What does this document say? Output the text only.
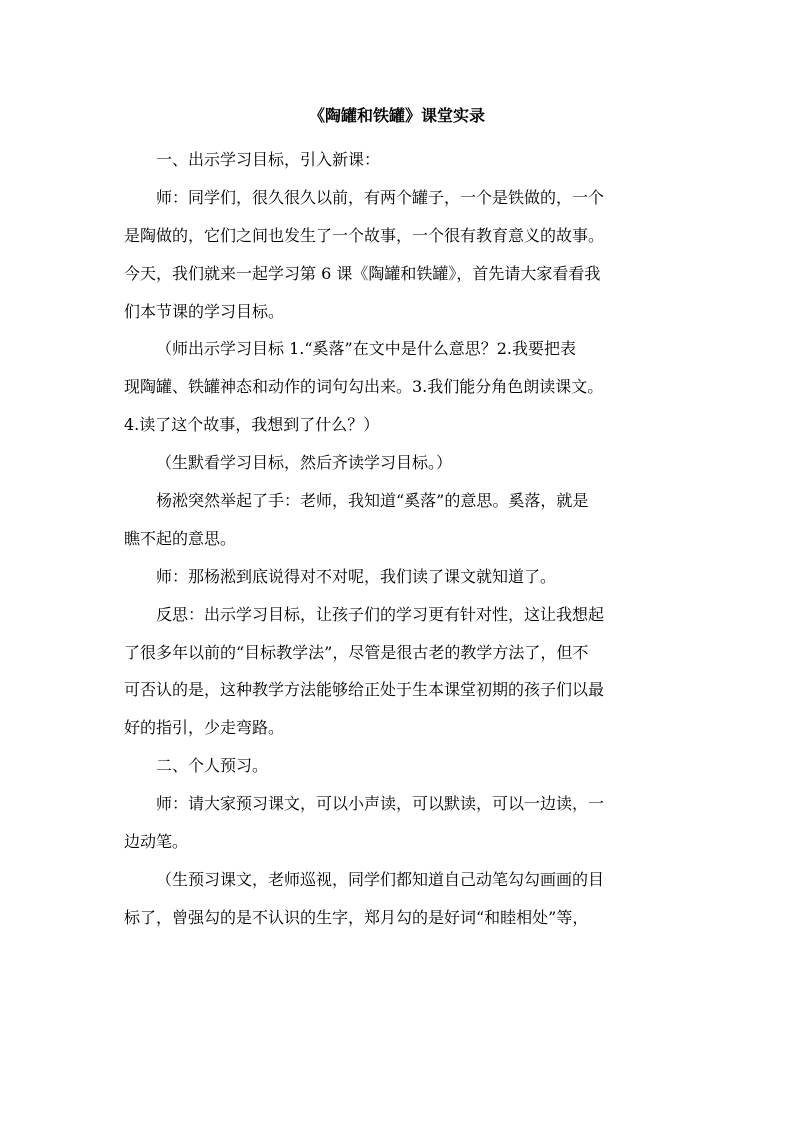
《陶罐和铁罐》课堂实录
一、出示学习目标，引入新课：
师：同学们，很久很久以前，有两个罐子，一个是铁做的，一个
是陶做的，它们之间也发生了一个故事，一个很有教育意义的故事。
今天，我们就来一起学习第 6 课《陶罐和铁罐》，首先请大家看看我
们本节课的学习目标。
（师出示学习目标 1.“奚落”在文中是什么意思？2.我要把表
现陶罐、铁罐神态和动作的词句勾出来。3.我们能分角色朗读课文。
4.读了这个故事，我想到了什么？）
（生默看学习目标，然后齐读学习目标。）
杨淞突然举起了手：老师，我知道“奚落”的意思。奚落，就是
瞧不起的意思。
师：那杨淞到底说得对不对呢，我们读了课文就知道了。
反思：出示学习目标，让孩子们的学习更有针对性，这让我想起
了很多年以前的“目标教学法”，尽管是很古老的教学方法了，但不
可否认的是，这种教学方法能够给正处于生本课堂初期的孩子们以最
好的指引，少走弯路。
二、个人预习。
师：请大家预习课文，可以小声读，可以默读，可以一边读，一
边动笔。
（生预习课文，老师巡视，同学们都知道自己动笔勾勾画画的目
标了，曾强勾的是不认识的生字，郑月勾的是好词“和睦相处”等，
